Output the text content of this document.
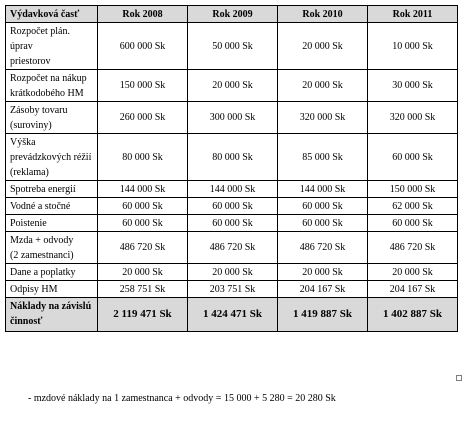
Výdavková časť	Rok 2008	Rok 2009	Rok 2010	Rok 2011

Rozpočet plán. úprav
priestorov	600 000 Sk	50 000 Sk	20 000 Sk	10 000 Sk

Rozpočet na nákup
krátkodobého HM	150 000 Sk	20 000 Sk	20 000 Sk	30 000 Sk

Zásoby tovaru
(suroviny)	260 000 Sk	300 000 Sk	320 000 Sk	320 000 Sk

Výška
prevádzkových réžií
(reklama)	80 000 Sk	80 000 Sk	85 000 Sk	60 000 Sk

Spotreba energií	144 000 Sk	144 000 Sk	144 000 Sk	150 000 Sk

Vodné a stočné	60 000 Sk	60 000 Sk	60 000 Sk	62 000 Sk

Poistenie	60 000 Sk	60 000 Sk	60 000 Sk	60 000 Sk

Mzda + odvody
(2 zamestnanci)	486 720 Sk	486 720 Sk	486 720 Sk	486 720 Sk

Dane a poplatky	20 000 Sk	20 000 Sk	20 000 Sk	20 000 Sk

Odpisy HM	258 751 Sk	203 751 Sk	204 167 Sk	204 167 Sk

Náklady na závislú
činnosť	2 119 471 Sk	1 424 471 Sk	1 419 887 Sk	1 402 887 Sk
- mzdové náklady na 1 zamestnanca + odvody = 15 000 + 5 280 = 20 280 Sk
